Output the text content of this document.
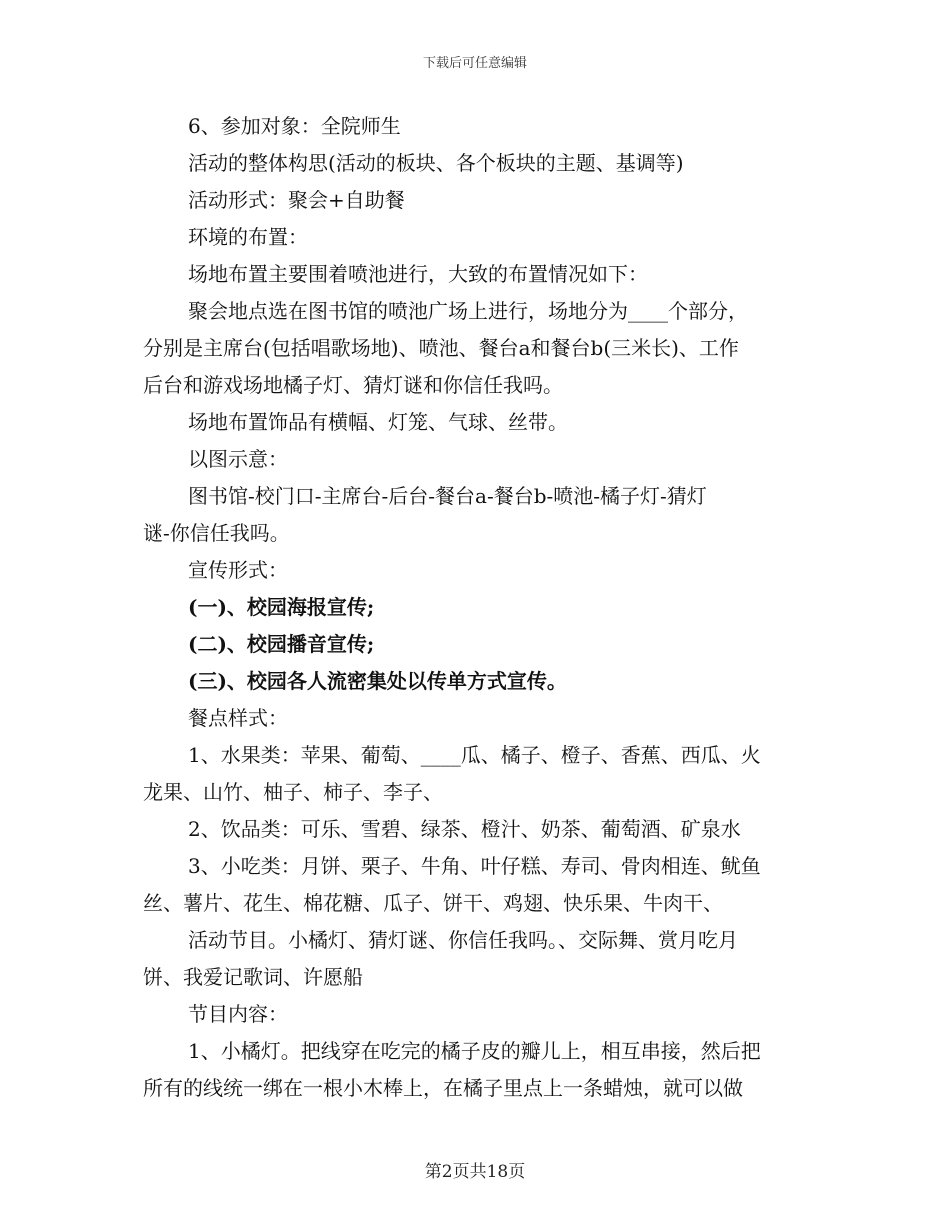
下载后可任意编辑
6、参加对象：全院师生
活动的整体构思(活动的板块、各个板块的主题、基调等)
活动形式：聚会+自助餐
环境的布置：
场地布置主要围着喷池进行，大致的布置情况如下：
聚会地点选在图书馆的喷池广场上进行，场地分为____个部分，
分别是主席台(包括唱歌场地)、喷池、餐台a和餐台b(三米长)、工作
后台和游戏场地橘子灯、猜灯谜和你信任我吗。
场地布置饰品有横幅、灯笼、气球、丝带。
以图示意：
图书馆-校门口-主席台-后台-餐台a-餐台b-喷池-橘子灯-猜灯
谜-你信任我吗。
宣传形式：
(一)、校园海报宣传;
(二)、校园播音宣传;
(三)、校园各人流密集处以传单方式宣传。
餐点样式：
1、水果类：苹果、葡萄、____瓜、橘子、橙子、香蕉、西瓜、火
龙果、山竹、柚子、柿子、李子、
2、饮品类：可乐、雪碧、绿茶、橙汁、奶茶、葡萄酒、矿泉水
3、小吃类：月饼、栗子、牛角、叶仔糕、寿司、骨肉相连、鱿鱼
丝、薯片、花生、棉花糖、瓜子、饼干、鸡翅、快乐果、牛肉干、
活动节目。小橘灯、猜灯谜、你信任我吗。、交际舞、赏月吃月
饼、我爱记歌词、许愿船
节目内容：
1、小橘灯。把线穿在吃完的橘子皮的瓣儿上，相互串接，然后把
所有的线统一绑在一根小木棒上，在橘子里点上一条蜡烛，就可以做
第2页共18页
